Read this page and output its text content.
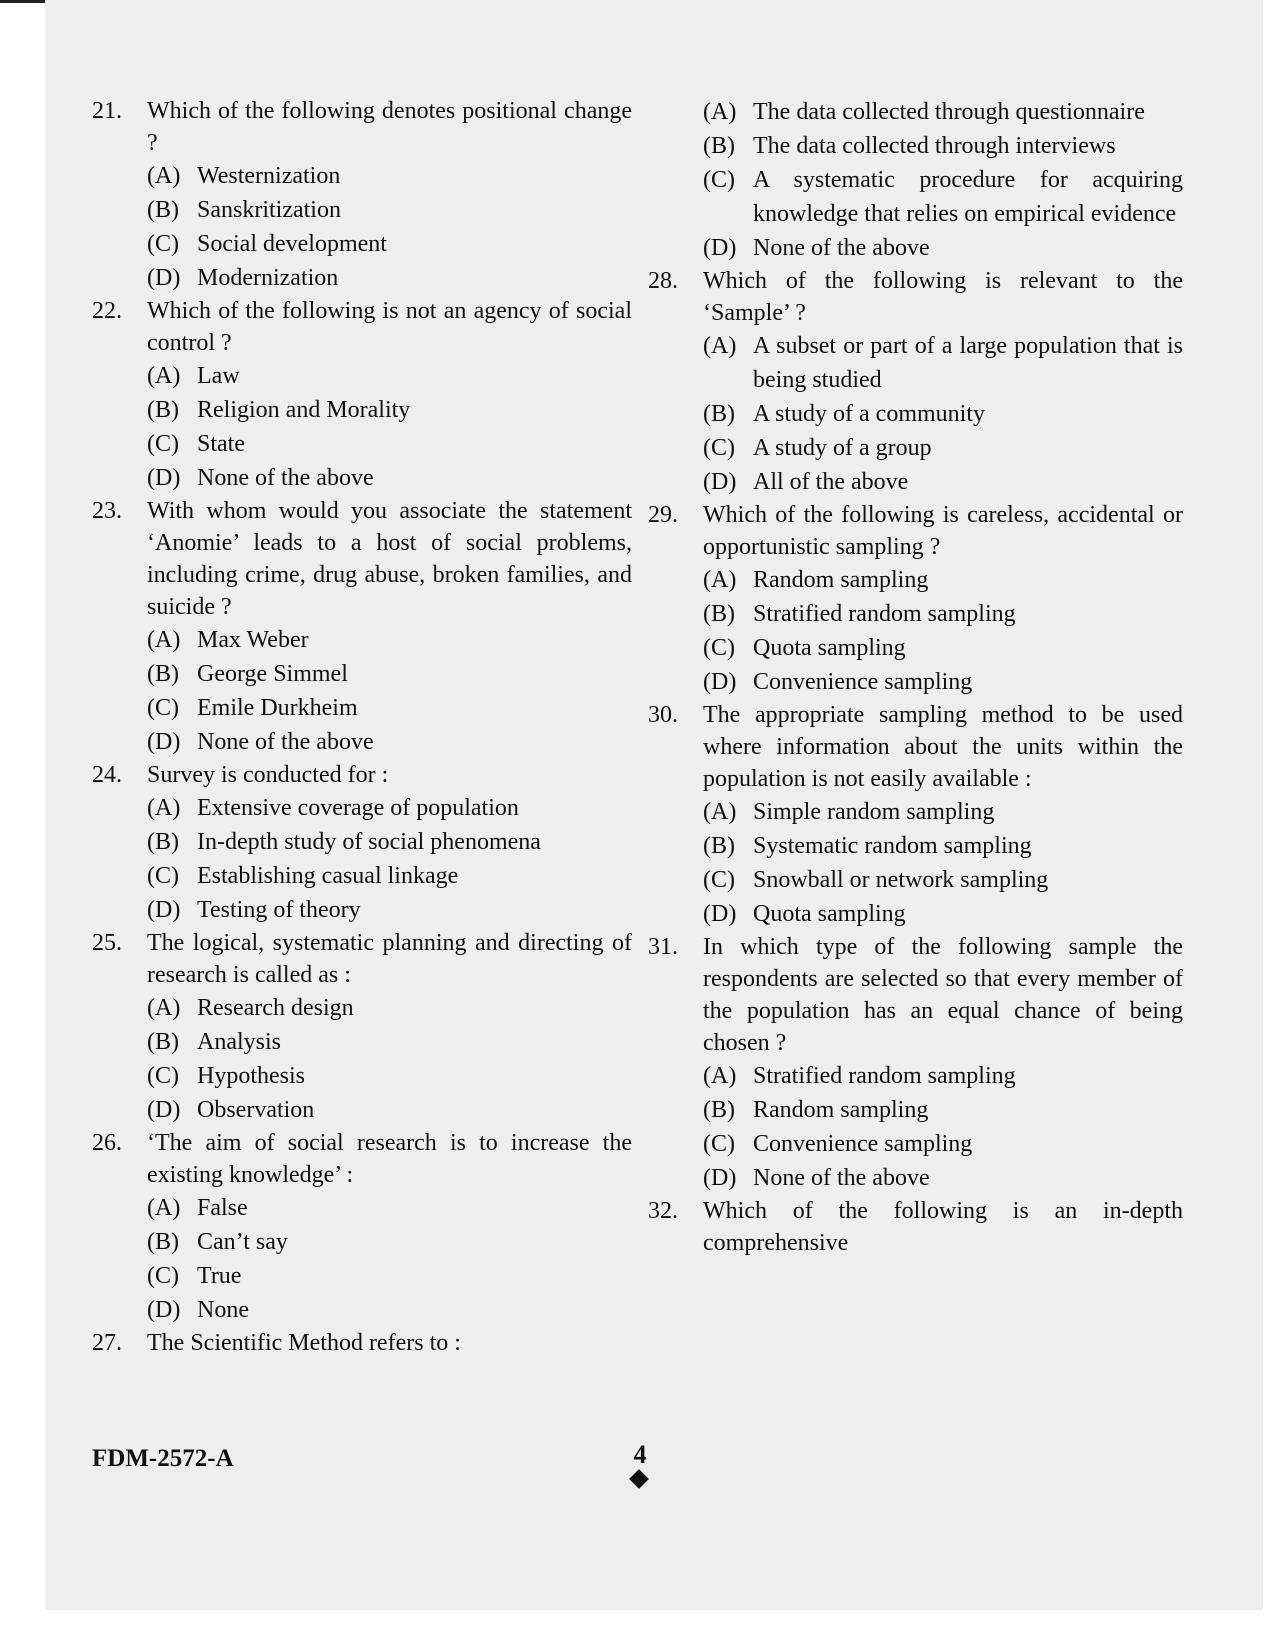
21.	Which of the following denotes positional change ?
(A) Westernization
(B) Sanskritization
(C) Social development
(D) Modernization
22.	Which of the following is not an agency of social control ?
(A) Law
(B) Religion and Morality
(C) State
(D) None of the above
23.	With whom would you associate the statement ‘Anomie’ leads to a host of social problems, including crime, drug abuse, broken families, and suicide ?
(A) Max Weber
(B) George Simmel
(C) Emile Durkheim
(D) None of the above
24.	Survey is conducted for :
(A) Extensive coverage of population
(B) In-depth study of social phenomena
(C) Establishing casual linkage
(D) Testing of theory
25.	The logical, systematic planning and directing of research is called as :
(A) Research design
(B) Analysis
(C) Hypothesis
(D) Observation
26.	‘The aim of social research is to increase the existing knowledge’ :
(A) False
(B) Can’t say
(C) True
(D) None
27.	The Scientific Method refers to :
(A) The data collected through questionnaire
(B) The data collected through interviews
(C) A systematic procedure for acquiring knowledge that relies on empirical evidence
(D) None of the above
28.	Which of the following is relevant to the ‘Sample’ ?
(A) A subset or part of a large population that is being studied
(B) A study of a community
(C) A study of a group
(D) All of the above
29.	Which of the following is careless, accidental or opportunistic sampling ?
(A) Random sampling
(B) Stratified random sampling
(C) Quota sampling
(D) Convenience sampling
30.	The appropriate sampling method to be used where information about the units within the population is not easily available :
(A) Simple random sampling
(B) Systematic random sampling
(C) Snowball or network sampling
(D) Quota sampling
31.	In which type of the following sample the respondents are selected so that every member of the population has an equal chance of being chosen ?
(A) Stratified random sampling
(B) Random sampling
(C) Convenience sampling
(D) None of the above
32.	Which of the following is an in-depth comprehensive
FDM-2572-A	4
